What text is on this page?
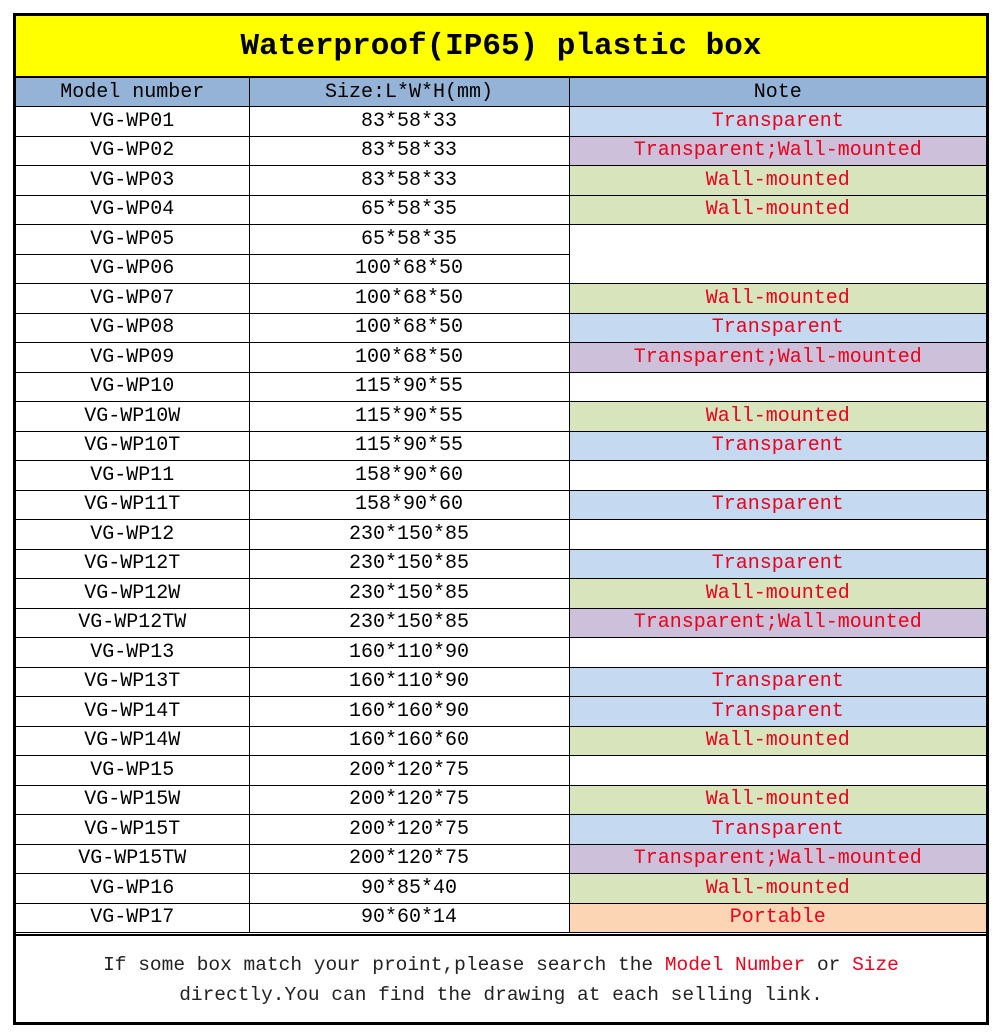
Waterproof(IP65) plastic box
Model number	Size:L*W*H(mm)	Note
VG-WP01	83*58*33	Transparent
VG-WP02	83*58*33	Transparent;Wall-mounted
VG-WP03	83*58*33	Wall-mounted
VG-WP04	65*58*35	Wall-mounted
VG-WP05	65*58*35	
VG-WP06	100*68*50	
VG-WP07	100*68*50	Wall-mounted
VG-WP08	100*68*50	Transparent
VG-WP09	100*68*50	Transparent;Wall-mounted
VG-WP10	115*90*55	
VG-WP10W	115*90*55	Wall-mounted
VG-WP10T	115*90*55	Transparent
VG-WP11	158*90*60	
VG-WP11T	158*90*60	Transparent
VG-WP12	230*150*85	
VG-WP12T	230*150*85	Transparent
VG-WP12W	230*150*85	Wall-mounted
VG-WP12TW	230*150*85	Transparent;Wall-mounted
VG-WP13	160*110*90	
VG-WP13T	160*110*90	Transparent
VG-WP14T	160*160*90	Transparent
VG-WP14W	160*160*60	Wall-mounted
VG-WP15	200*120*75	
VG-WP15W	200*120*75	Wall-mounted
VG-WP15T	200*120*75	Transparent
VG-WP15TW	200*120*75	Transparent;Wall-mounted
VG-WP16	90*85*40	Wall-mounted
VG-WP17	90*60*14	Portable
If some box match your proint,please search the Model Number or Size
directly.You can find the drawing at each selling link.
